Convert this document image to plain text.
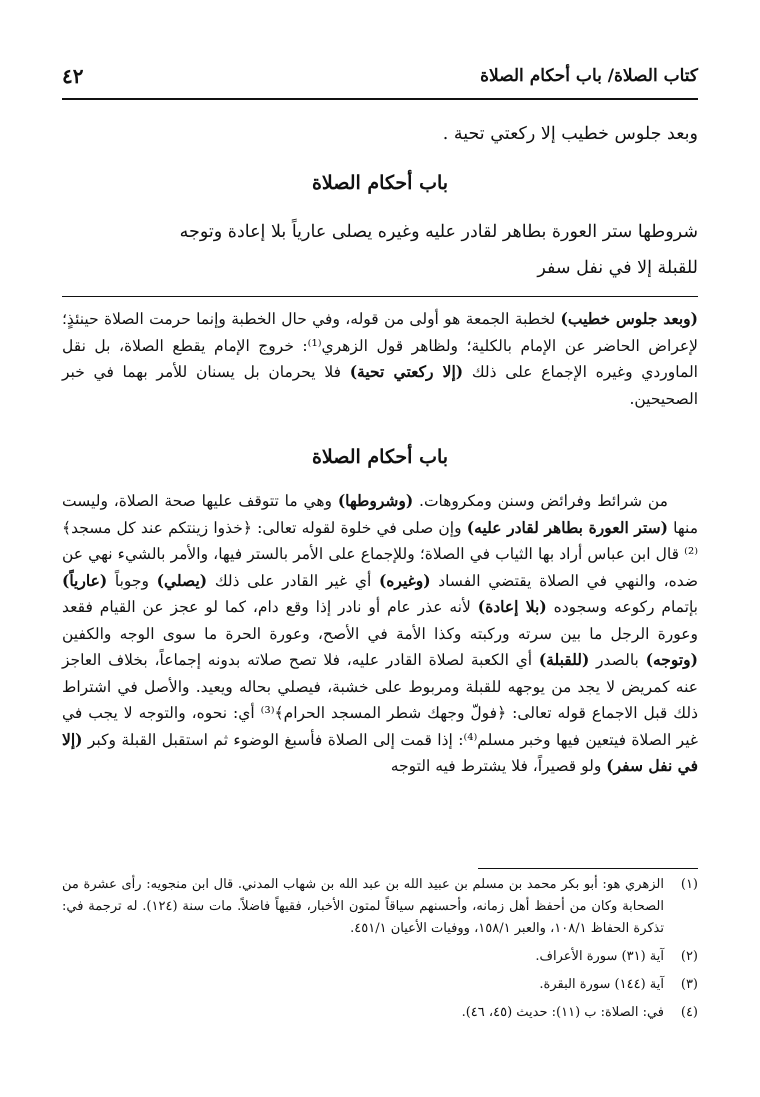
كتاب الصلاة/ باب أحكام الصلاة
٤٢
وبعد جلوس خطيب إلا ركعتي تحية .
باب أحكام الصلاة
شروطها ستر العورة بطاهر لقادر عليه وغيره يصلى عارياً بلا إعادة وتوجه
للقبلة إلا في نفل سفر
(وبعد جلوس خطيب) لخطبة الجمعة هو أولى من قوله، وفي حال الخطبة وإنما حرمت الصلاة حينئذٍ؛ لإعراض الحاضر عن الإمام بالكلية؛ ولظاهر قول الزهري⁽¹⁾: خروج الإمام يقطع الصلاة، بل نقل الماوردي وغيره الإجماع على ذلك (إلا ركعتي تحية) فلا يحرمان بل يسنان للأمر بهما في خبر الصحيحين.
باب أحكام الصلاة
من شرائط وفرائض وسنن ومكروهات. (وشروطها) وهي ما تتوقف عليها صحة الصلاة، وليست منها (ستر العورة بطاهر لقادر عليه) وإن صلى في خلوة لقوله تعالى: ﴿خذوا زينتكم عند كل مسجد﴾⁽²⁾ قال ابن عباس أراد بها الثياب في الصلاة؛ وللإجماع على الأمر بالستر فيها، والأمر بالشيء نهي عن ضده، والنهي في الصلاة يقتضي الفساد (وغيره) أي غير القادر على ذلك (يصلي) وجوباً (عارياً) بإتمام ركوعه وسجوده (بلا إعادة) لأنه عذر عام أو نادر إذا وقع دام، كما لو عجز عن القيام فقعد وعورة الرجل ما بين سرته وركبته وكذا الأمة في الأصح، وعورة الحرة ما سوى الوجه والكفين (وتوجه) بالصدر (للقبلة) أي الكعبة لصلاة القادر عليه، فلا تصح صلاته بدونه إجماعاً، بخلاف العاجز عنه كمريض لا يجد من يوجهه للقبلة ومربوط على خشبة، فيصلي بحاله ويعيد. والأصل في اشتراط ذلك قبل الاجماع قوله تعالى: ﴿فولّ وجهك شطر المسجد الحرام﴾⁽³⁾ أي: نحوه، والتوجه لا يجب في غير الصلاة فيتعين فيها وخبر مسلم⁽⁴⁾: إذا قمت إلى الصلاة فأسبغ الوضوء ثم استقبل القبلة وكبر (إلا في نفل سفر) ولو قصيراً، فلا يشترط فيه التوجه
(١)
الزهري هو: أبو بكر محمد بن مسلم بن عبيد الله بن عبد الله بن شهاب المدني. قال ابن منجويه: رأى عشرة من الصحابة وكان من أحفظ أهل زمانه، وأحسنهم سياقاً لمتون الأخبار، فقيهاً فاضلاً. مات سنة (١٢٤). له ترجمة في: تذكرة الحفاظ ١٠٨/١، والعبر ١٥٨/١، ووفيات الأعيان ٤٥١/١.
(٢)
آية (٣١) سورة الأعراف.
(٣)
آية (١٤٤) سورة البقرة.
(٤)
في: الصلاة: ب (١١): حديث (٤٥، ٤٦).
